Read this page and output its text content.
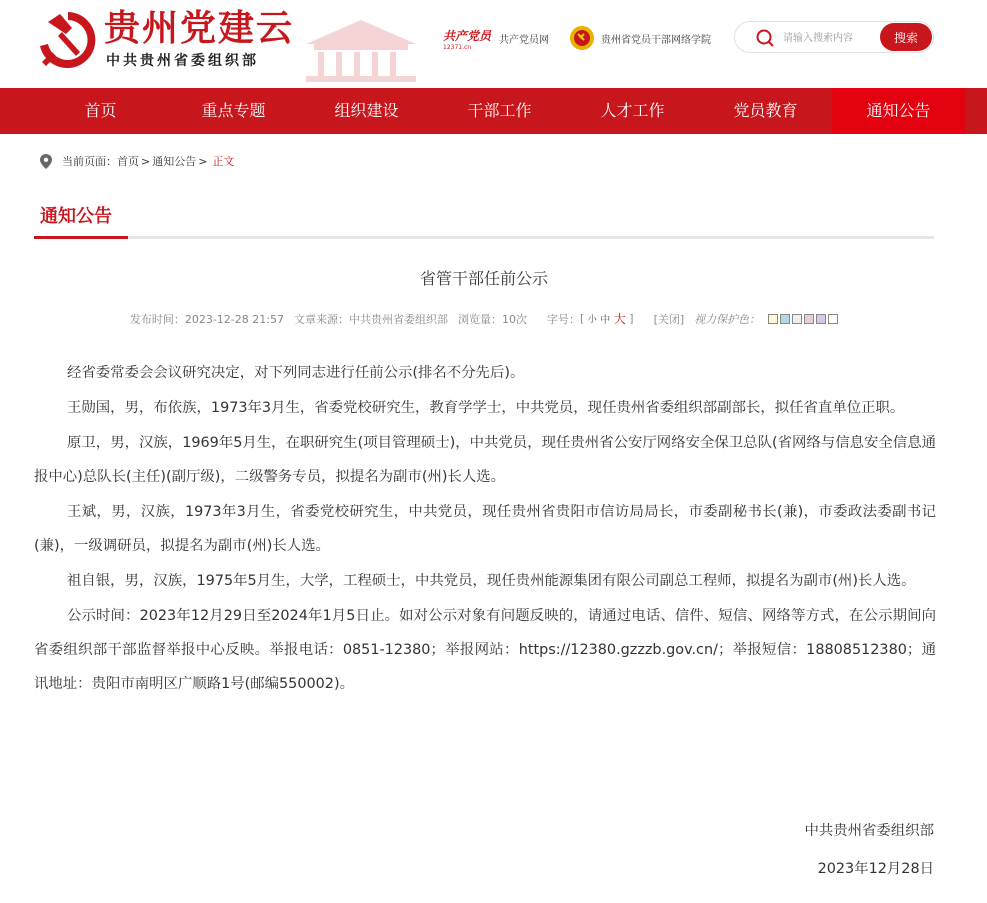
贵州党建云
中共贵州省委组织部
共产党员
12371.cn
共产党员网	贵州省党员干部网络学院
请输入搜索内容	搜索
首页	重点专题	组织建设	干部工作	人才工作	党员教育	通知公告
当前页面： 首页 > 通知公告 > 正文
通知公告
省管干部任前公示
发布时间：2023-12-28 21:57 文章来源：中共贵州省委组织部 浏览量：10次 字号： [
小
中
大
] [关闭] 视力保护色：

经省委常委会会议研究决定，对下列同志进行任前公示(排名不分先后)。

王勋国，男，布依族，1973年3月生，省委党校研究生，教育学学士，中共党员，现任贵州省委组织部副部长，拟任省直单位正职。

原卫，男，汉族，1969年5月生，在职研究生(项目管理硕士)，中共党员，现任贵州省公安厅网络安全保卫总队(省网络与信息安全信息通报中心)总队长(主任)(副厅级)，二级警务专员，拟提名为副市(州)长人选。

王斌，男，汉族，1973年3月生，省委党校研究生，中共党员，现任贵州省贵阳市信访局局长，市委副秘书长(兼)，市委政法委副书记(兼)，一级调研员，拟提名为副市(州)长人选。

祖自银，男，汉族，1975年5月生，大学，工程硕士，中共党员，现任贵州能源集团有限公司副总工程师，拟提名为副市(州)长人选。

公示时间：2023年12月29日至2024年1月5日止。如对公示对象有问题反映的，请通过电话、信件、短信、网络等方式，在公示期间向省委组织部干部监督举报中心反映。举报电话：0851-12380；举报网站：https://12380.gzzzb.gov.cn/；举报短信：18808512380；通讯地址：贵阳市南明区广顺路1号(邮编550002)。

中共贵州省委组织部
2023年12月28日
